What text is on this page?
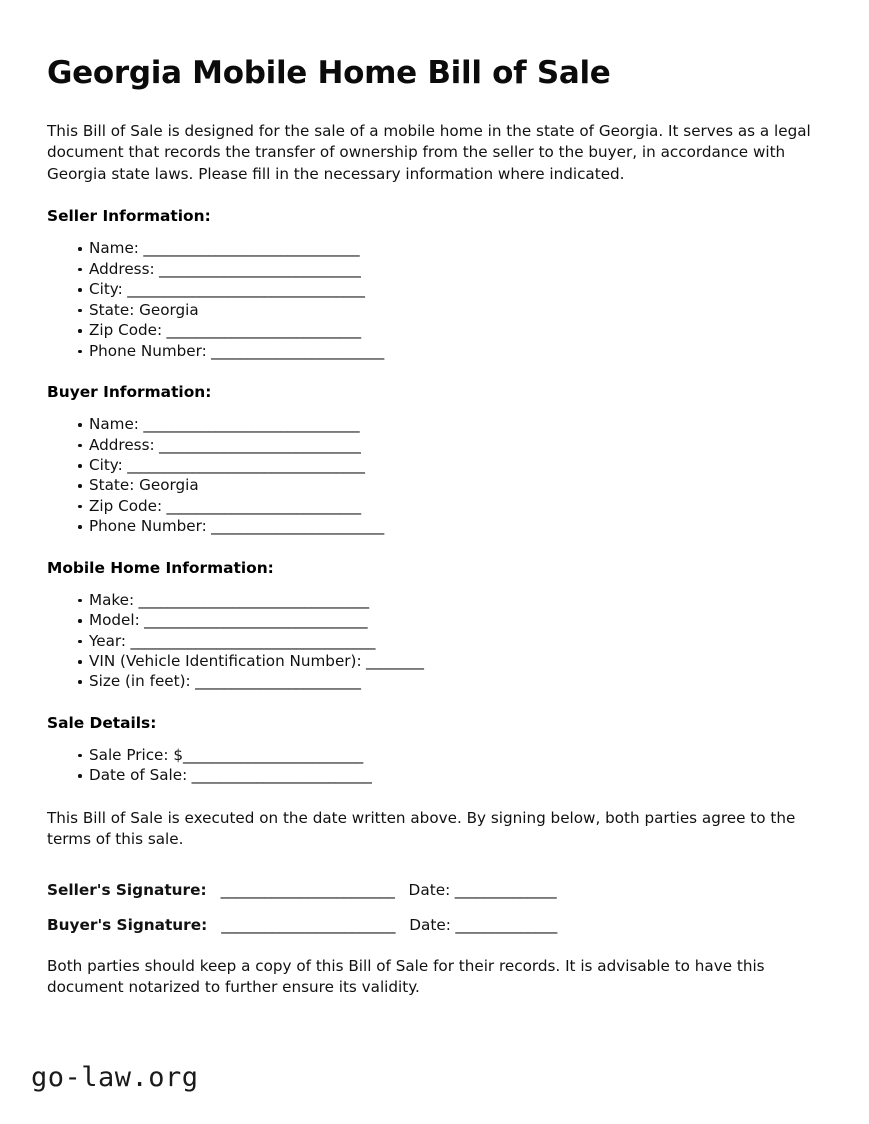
Georgia Mobile Home Bill of Sale

This Bill of Sale is designed for the sale of a mobile home in the state of Georgia. It serves as a legal document that records the transfer of ownership from the seller to the buyer, in accordance with Georgia state laws. Please fill in the necessary information where indicated.

Seller Information:
Name: ______________________________
Address: ____________________________
City: _________________________________
State: Georgia
Zip Code: ___________________________
Phone Number: ________________________
Buyer Information:
Name: ______________________________
Address: ____________________________
City: _________________________________
State: Georgia
Zip Code: ___________________________
Phone Number: ________________________
Mobile Home Information:
Make: ________________________________
Model: _______________________________
Year: __________________________________
VIN (Vehicle Identification Number): ________
Size (in feet): _______________________
Sale Details:
Sale Price: $_________________________
Date of Sale: _________________________

This Bill of Sale is executed on the date written above. By signing below, both parties agree to the terms of this sale.

Seller's Signature: ________________________ Date: ______________
Buyer's Signature: ________________________ Date: ______________

Both parties should keep a copy of this Bill of Sale for their records. It is advisable to have this document notarized to further ensure its validity.

go-law.org
